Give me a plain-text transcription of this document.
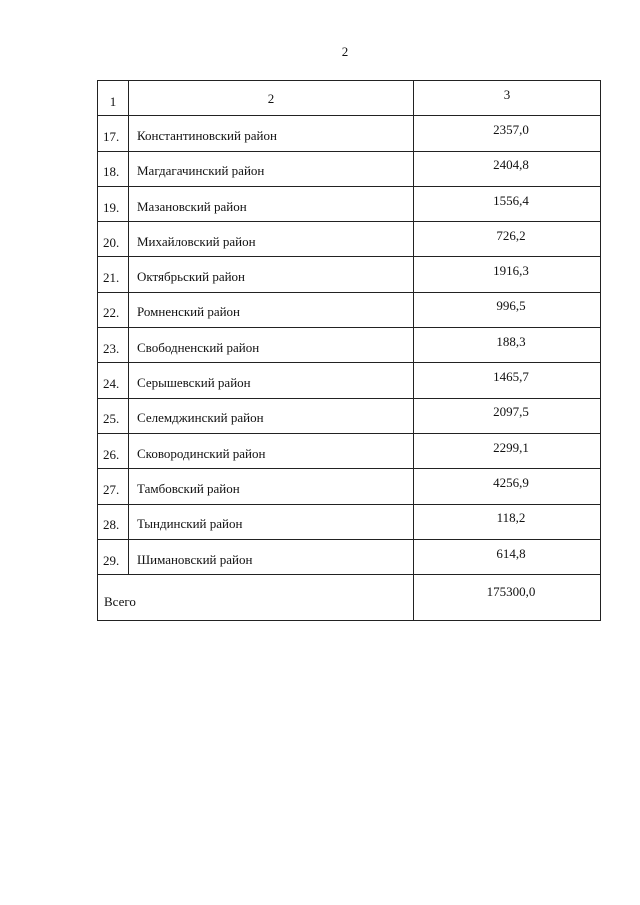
2
1	2	3
17.	Константиновский район	2357,0
18.	Магдагачинский район	2404,8
19.	Мазановский район	1556,4
20.	Михайловский район	726,2
21.	Октябрьский район	1916,3
22.	Ромненский район	996,5
23.	Свободненский район	188,3
24.	Серышевский район	1465,7
25.	Селемджинский район	2097,5
26.	Сковородинский район	2299,1
27.	Тамбовский район	4256,9
28.	Тындинский район	118,2
29.	Шимановский район	614,8
Всего		175300,0
